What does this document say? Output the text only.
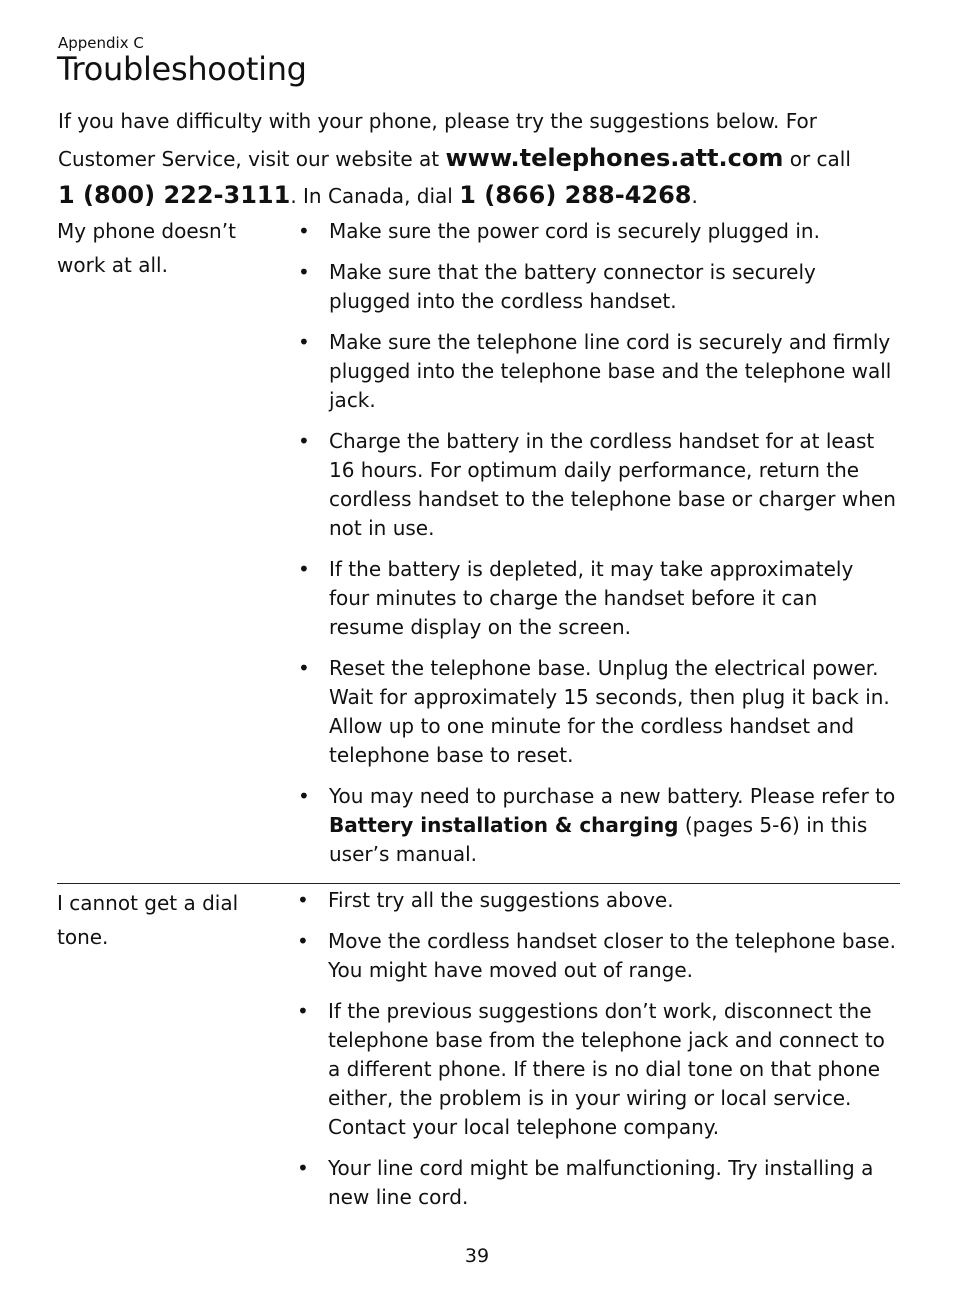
Appendix C
Troubleshooting
If you have difficulty with your phone, please try the suggestions below. For Customer Service, visit our website at www.telephones.att.com or call
1 (800) 222-3111. In Canada, dial 1 (866) 288-4268.
My phone doesn’t work at all.
• Make sure the power cord is securely plugged in.
• Make sure that the battery connector is securely plugged into the cordless handset.
• Make sure the telephone line cord is securely and firmly plugged into the telephone base and the telephone wall jack.
• Charge the battery in the cordless handset for at least 16 hours. For optimum daily performance, return the cordless handset to the telephone base or charger when not in use.
• If the battery is depleted, it may take approximately four minutes to charge the handset before it can resume display on the screen.
• Reset the telephone base. Unplug the electrical power. Wait for approximately 15 seconds, then plug it back in. Allow up to one minute for the cordless handset and telephone base to reset.
• You may need to purchase a new battery. Please refer to Battery installation & charging (pages 5-6) in this user’s manual.
I cannot get a dial tone.
• First try all the suggestions above.
• Move the cordless handset closer to the telephone base. You might have moved out of range.
• If the previous suggestions don’t work, disconnect the telephone base from the telephone jack and connect to a different phone. If there is no dial tone on that phone either, the problem is in your wiring or local service. Contact your local telephone company.
• Your line cord might be malfunctioning. Try installing a new line cord.
39
